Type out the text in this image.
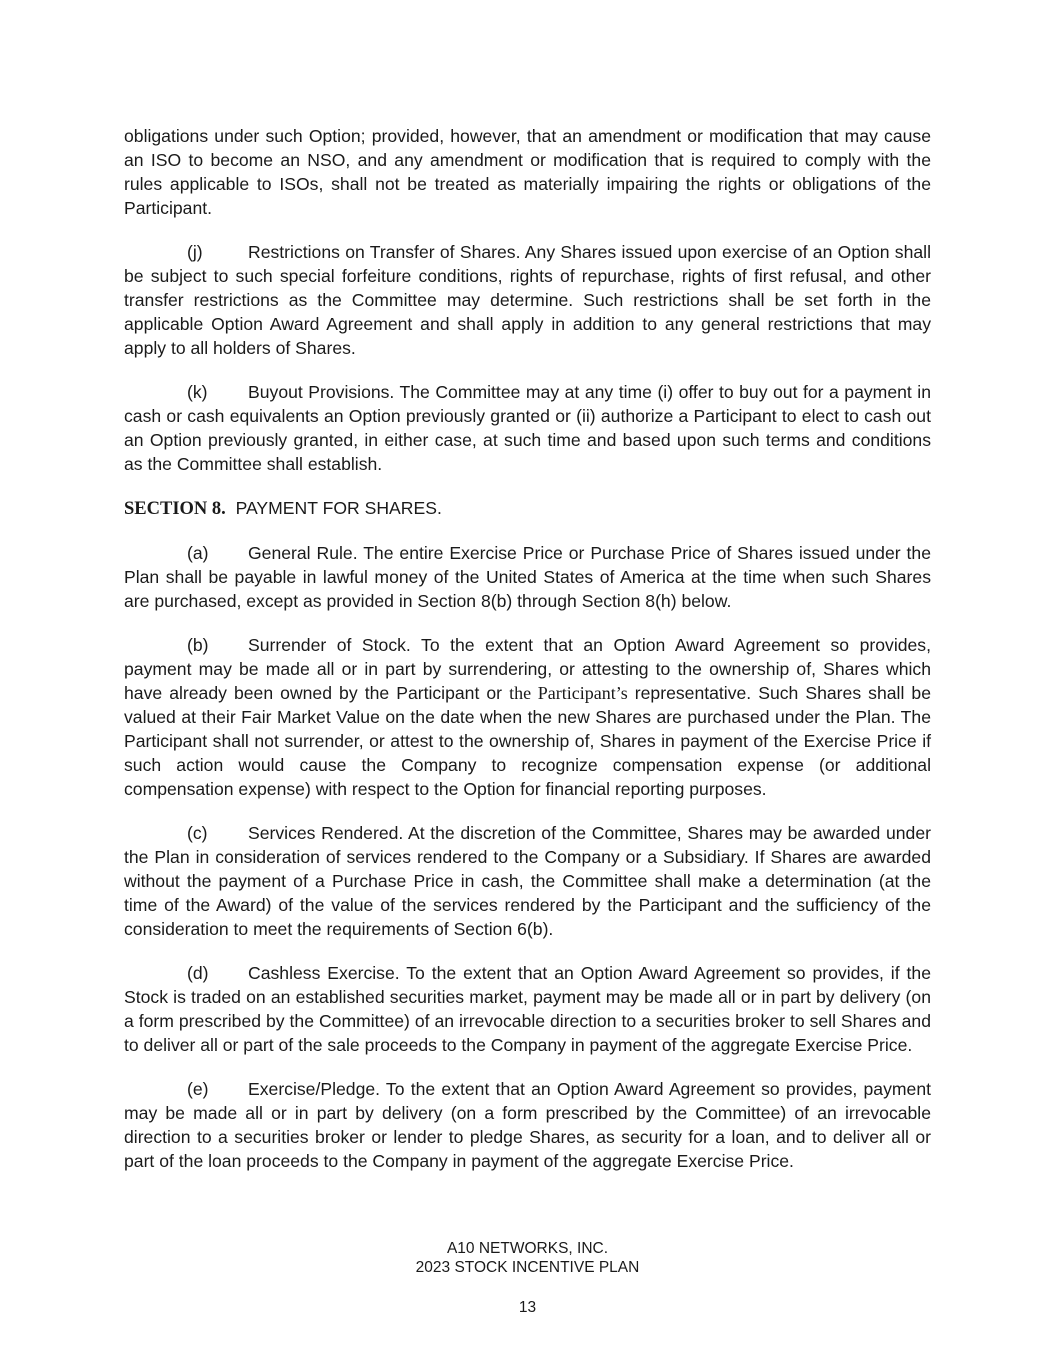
obligations under such Option; provided, however, that an amendment or modification that may cause an ISO to become an NSO, and any amendment or modification that is required to comply with the rules applicable to ISOs, shall not be treated as materially impairing the rights or obligations of the Participant.

(j)	Restrictions on Transfer of Shares. Any Shares issued upon exercise of an Option shall be subject to such special forfeiture conditions, rights of repurchase, rights of first refusal, and other transfer restrictions as the Committee may determine. Such restrictions shall be set forth in the applicable Option Award Agreement and shall apply in addition to any general restrictions that may apply to all holders of Shares.

(k) Buyout Provisions. The Committee may at any time (i) offer to buy out for a payment in cash or cash equivalents an Option previously granted or (ii) authorize a Participant to elect to cash out an Option previously granted, in either case, at such time and based upon such terms and conditions as the Committee shall establish.

SECTION 8. PAYMENT FOR SHARES.

(a) General Rule. The entire Exercise Price or Purchase Price of Shares issued under the Plan shall be payable in lawful money of the United States of America at the time when such Shares are purchased, except as provided in Section 8(b) through Section 8(h) below.

(b) Surrender of Stock. To the extent that an Option Award Agreement so provides, payment may be made all or in part by surrendering, or attesting to the ownership of, Shares which have already been owned by the Participant or the Participant’s representative. Such Shares shall be valued at their Fair Market Value on the date when the new Shares are purchased under the Plan. The Participant shall not surrender, or attest to the ownership of, Shares in payment of the Exercise Price if such action would cause the Company to recognize compensation expense (or additional compensation expense) with respect to the Option for financial reporting purposes.

(c) Services Rendered. At the discretion of the Committee, Shares may be awarded under the Plan in consideration of services rendered to the Company or a Subsidiary. If Shares are awarded without the payment of a Purchase Price in cash, the Committee shall make a determination (at the time of the Award) of the value of the services rendered by the Participant and the sufficiency of the consideration to meet the requirements of Section 6(b).

(d) Cashless Exercise. To the extent that an Option Award Agreement so provides, if the Stock is traded on an established securities market, payment may be made all or in part by delivery (on a form prescribed by the Committee) of an irrevocable direction to a securities broker to sell Shares and to deliver all or part of the sale proceeds to the Company in payment of the aggregate Exercise Price.

(e) Exercise/Pledge. To the extent that an Option Award Agreement so provides, payment may be made all or in part by delivery (on a form prescribed by the Committee) of an irrevocable direction to a securities broker or lender to pledge Shares, as security for a loan, and to deliver all or part of the loan proceeds to the Company in payment of the aggregate Exercise Price.

A10 NETWORKS, INC.
2023 STOCK INCENTIVE PLAN
13
